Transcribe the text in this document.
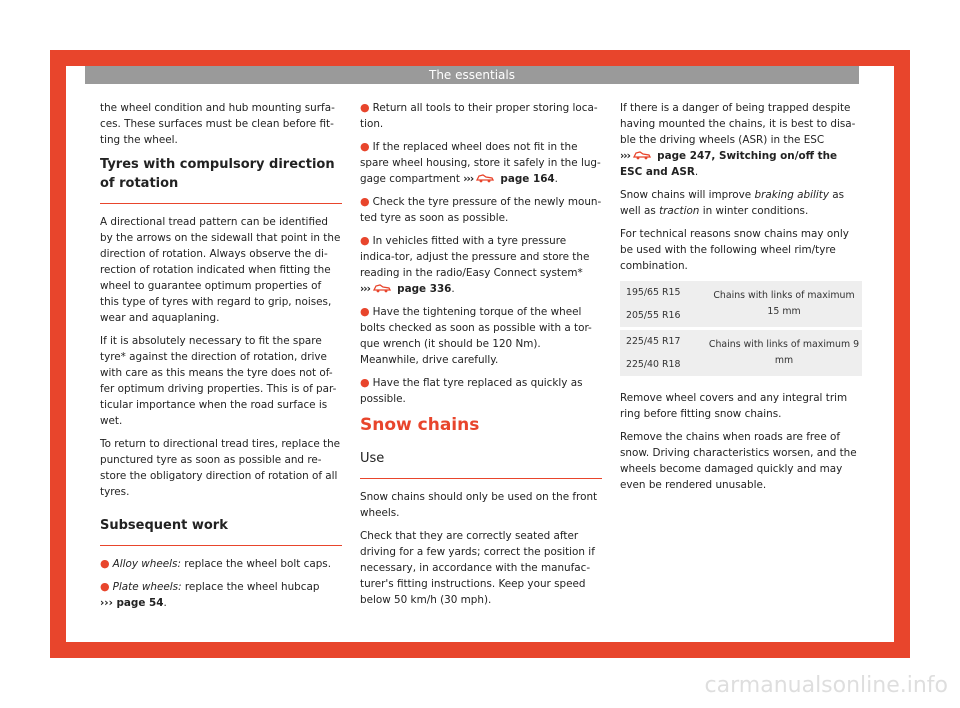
The essentials

the wheel condition and hub mounting surfa-ces. These surfaces must be clean before fit-ting the wheel.

Tyres with compulsory direction of rotation

A directional tread pattern can be identified by the arrows on the sidewall that point in the direction of rotation. Always observe the di-rection of rotation indicated when fitting the wheel to guarantee optimum properties of this type of tyres with regard to grip, noises, wear and aquaplaning.

If it is absolutely necessary to fit the spare tyre* against the direction of rotation, drive with care as this means the tyre does not of-fer optimum driving properties. This is of par-ticular importance when the road surface is wet.

To return to directional tread tires, replace the punctured tyre as soon as possible and re-store the obligatory direction of rotation of all tyres.

Subsequent work

● Alloy wheels: replace the wheel bolt caps.

● Plate wheels: replace the wheel hubcap
››› page 54.

● Return all tools to their proper storing loca-tion.

● If the replaced wheel does not fit in the spare wheel housing, store it safely in the lug-gage compartment ›››	page 164.

● Check the tyre pressure of the newly moun-ted tyre as soon as possible.

● In vehicles fitted with a tyre pressure indica-tor, adjust the pressure and store the reading in the radio/Easy Connect system*
›››	page 336.

● Have the tightening torque of the wheel bolts checked as soon as possible with a tor-que wrench (it should be 120 Nm). Meanwhile, drive carefully.

● Have the flat tyre replaced as quickly as possible.

Snow chains
Use

Snow chains should only be used on the front wheels.

Check that they are correctly seated after driving for a few yards; correct the position if necessary, in accordance with the manufac-turer's fitting instructions. Keep your speed below 50 km/h (30 mph).

If there is a danger of being trapped despite having mounted the chains, it is best to disa-ble the driving wheels (ASR) in the ESC
›››	page 247, Switching on/off the ESC and ASR.

Snow chains will improve braking ability as well as traction in winter conditions.

For technical reasons snow chains may only be used with the following wheel rim/tyre combination.

195/65 R15	Chains with links of maximum 15 mm
205/55 R16	

225/45 R17	Chains with links of maximum 9 mm
225/40 R18	

Remove wheel covers and any integral trim ring before fitting snow chains.

Remove the chains when roads are free of snow. Driving characteristics worsen, and the wheels become damaged quickly and may even be rendered unusable.

57
carmanualsonline.info
